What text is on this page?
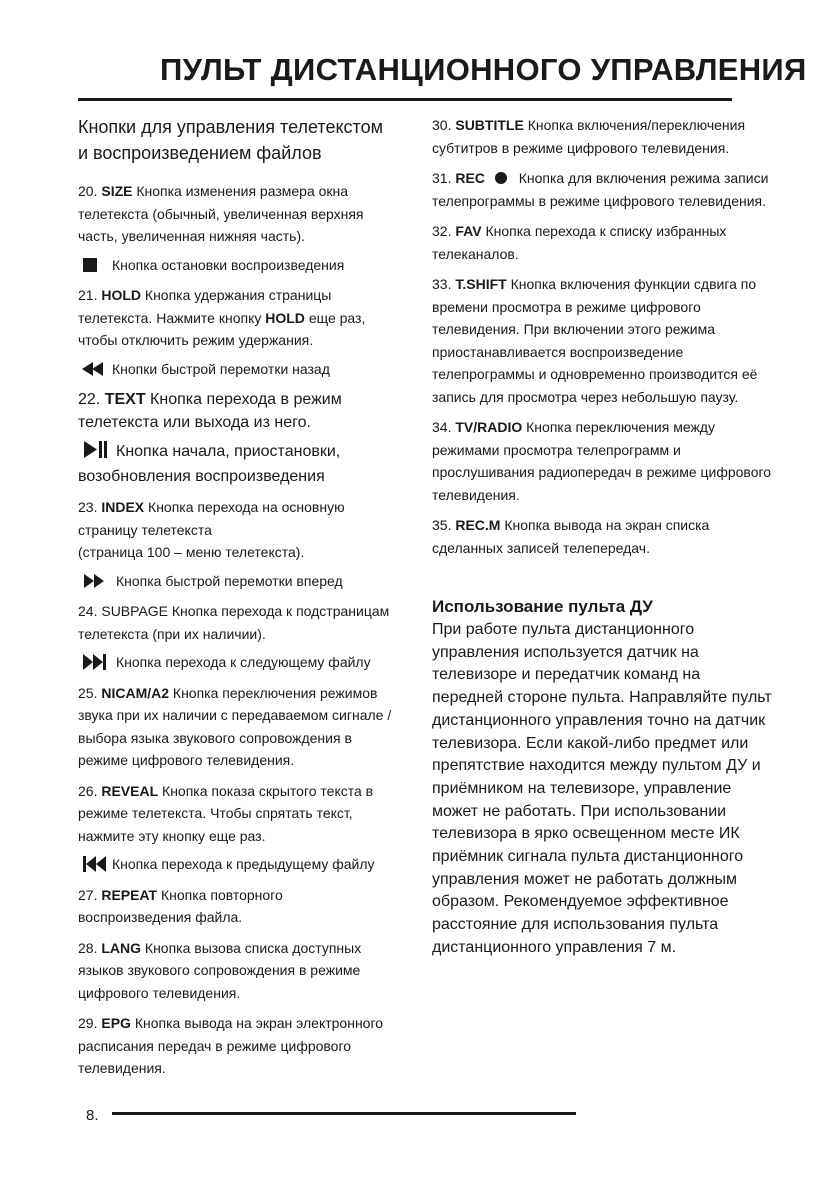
ПУЛЬТ ДИСТАНЦИОННОГО УПРАВЛЕНИЯ
Кнопки для управления телетекстом
и воспроизведением файлов
20. SIZE Кнопка изменения размера окна телетекста (обычный, увеличенная верхняя часть, увеличенная нижняя часть).
Кнопка остановки воспроизведения
21. HOLD Кнопка удержания страницы телетекста. Нажмите кнопку HOLD еще раз, чтобы отключить режим удержания.
Кнопки быстрой перемотки назад
22. TEXT Кнопка перехода в режим телетекста или выхода из него.
Кнопка начала, приостановки, возобновления воспроизведения
23. INDEX Кнопка перехода на основную страницу телетекста
(страница 100 – меню телетекста).
Кнопка быстрой перемотки вперед
24. SUBPAGE Кнопка перехода к подстраницам телетекста (при их наличии).
Кнопка перехода к следующему файлу
25. NICAM/A2 Кнопка переключения режимов звука при их наличии с передаваемом сигнале /выбора языка звукового сопровождения в режиме цифрового телевидения.
26. REVEAL Кнопка показа скрытого текста в режиме телетекста. Чтобы спрятать текст, нажмите эту кнопку еще раз.
Кнопка перехода к предыдущему файлу
27. REPEAT Кнопка повторного воспроизведения файла.
28. LANG Кнопка вызова списка доступных языков звукового сопровождения в режиме цифрового телевидения.
29. EPG Кнопка вывода на экран электронного расписания передач в режиме цифрового телевидения.
30. SUBTITLE Кнопка включения/переключения субтитров в режиме цифрового телевидения.
31. REC Кнопка для включения режима записи телепрограммы в режиме цифрового телевидения.
32. FAV Кнопка перехода к списку избранных телеканалов.
33. T.SHIFT Кнопка включения функции сдвига по времени просмотра в режиме цифрового телевидения. При включении этого режима приостанавливается воспроизведение телепрограммы и одновременно производится её запись для просмотра через небольшую паузу.
34. TV/RADIO Кнопка переключения между режимами просмотра телепрограмм и прослушивания радиопередач в режиме цифрового телевидения.
35. REC.M Кнопка вывода на экран списка сделанных записей телепередач.
Использование пульта ДУ
При работе пульта дистанционного управления используется датчик на телевизоре и передатчик команд на передней стороне пульта. Направляйте пульт дистанционного управления точно на датчик телевизора. Если какой-либо предмет или препятствие находится между пультом ДУ и приёмником на телевизоре, управление может не работать. При использовании телевизора в ярко освещенном месте ИК приёмник сигнала пульта дистанционного управления может не работать должным образом. Рекомендуемое эффективное расстояние для использования пульта дистанционного управления 7 м.
8.
